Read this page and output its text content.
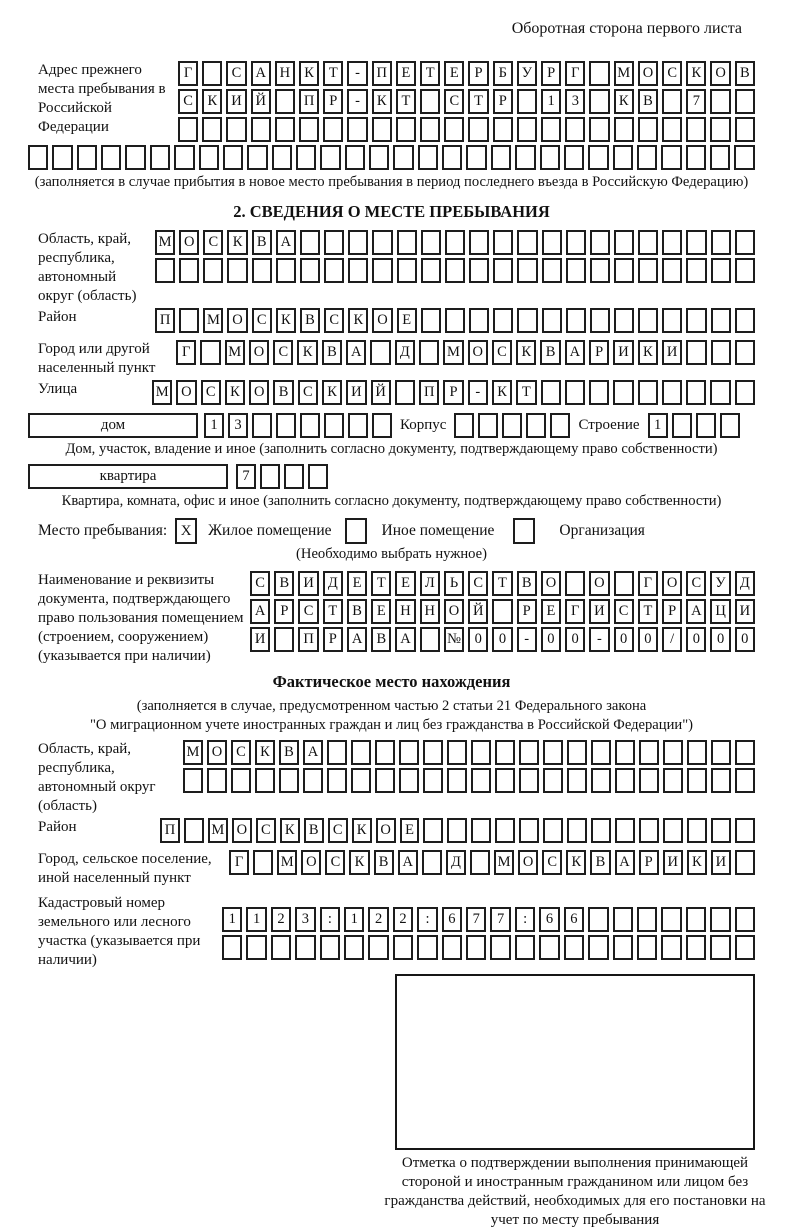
Оборотная сторона первого листа
Адрес прежнего места пребывания в Российской Федерации
Г	С А Н К	Т	-	П	Е	Т	Е	Р	Б	У	Р	Г	М О С	К О В
С	К И Й	П	Р	-	К	Т	С	Т	Р	1	3	К	В	7
(заполняется в случае прибытия в новое место пребывания в период последнего въезда в Российскую Федерацию)
2. СВЕДЕНИЯ О МЕСТЕ ПРЕБЫВАНИЯ
Область, край, республика, автономный округ (область)
М О С К В А
Район	П	М О С К В С К О Е
Город или другой населенный пункт
Г	М О С	К	В А	Д	М О С	К	В А	Р	И К И
Улица	М О С	К О В	С	К И Й	П	Р	-	К	Т
дом	1	3	Корпус	Строение 1
Дом, участок, владение и иное (заполнить согласно документу, подтверждающему право собственности)
квартира	7
Квартира, комната, офис и иное (заполнить согласно документу, подтверждающему право собственности)
Место пребывания: X	Жилое помещение	Иное помещение	Организация
(Необходимо выбрать нужное)
Наименование и реквизиты документа, подтверждающего право пользования помещением (строением, сооружением) (указывается при наличии)
С	В И Д	Е	Т	Е	Л	Ь	С	Т	В О	О	Г	О С У Д
А	Р	С	Т	В	Е	Н Н О Й	Р	Е	Г	И С	Т	Р	А Ц И
И	П	Р	А В А	№ 0	0	-	0	0	-	0	0	/	0	0	0
Фактическое место нахождения
(заполняется в случае, предусмотренном частью 2 статьи 21 Федерального закона
"О миграционном учете иностранных граждан и лиц без гражданства в Российской Федерации")
Область, край, республика, автономный округ (область)
М О С К В А
Район	П	М О С К В С К О Е
Город, сельское поселение, иной населенный пункт
Г	М О С К В А	Д	М О С К В А	Р	И К И
Кадастровый номер земельного или лесного участка (указывается при наличии)
1	1	2	3	:	1	2	2	:	6	7	7	:	6	6
Отметка о подтверждении выполнения принимающей стороной и иностранным гражданином или лицом без гражданства действий, необходимых для его постановки на учет по месту пребывания
